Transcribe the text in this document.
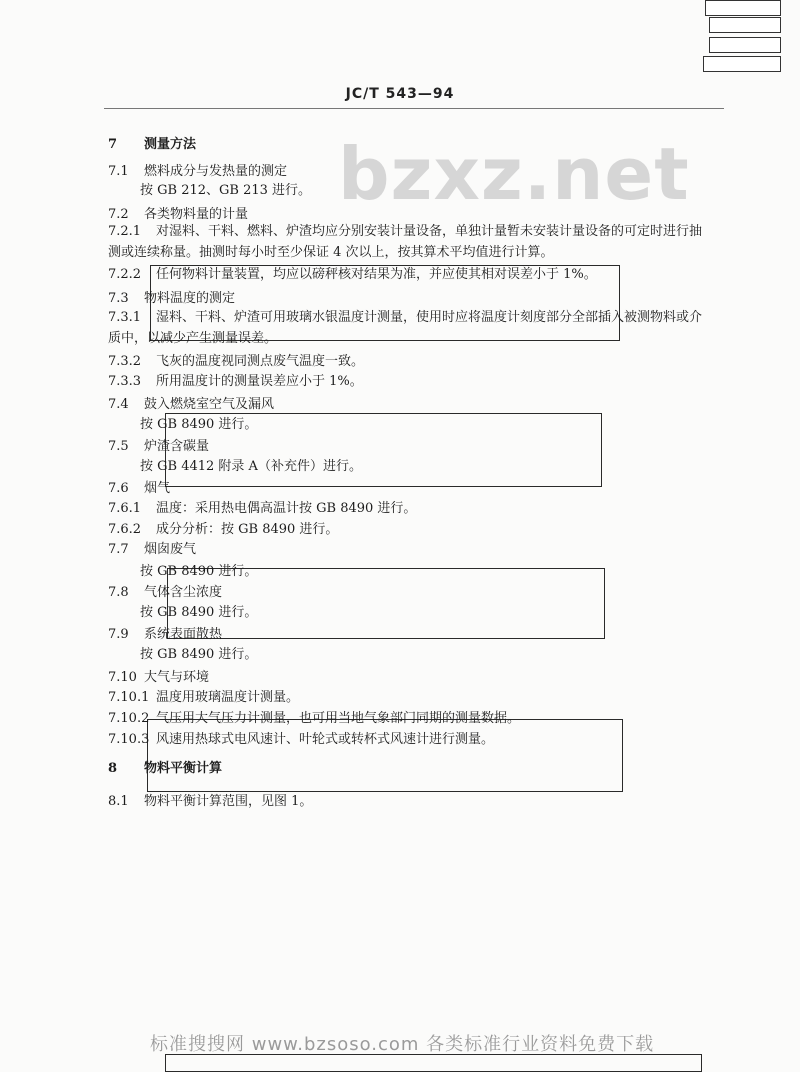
JC/T 543—94
bzxz.net
7 测量方法
7.1 燃料成分与发热量的测定
按 GB 212、GB 213 进行。
7.2 各类物料量的计量
7.2.1 对湿料、干料、燃料、炉渣均应分别安装计量设备，单独计量暂未安装计量设备的可定时进行抽
测或连续称量。抽测时每小时至少保证 4 次以上，按其算术平均值进行计算。
7.2.2 任何物料计量装置，均应以磅秤核对结果为准，并应使其相对误差小于 1%。
7.3 物料温度的测定
7.3.1 湿料、干料、炉渣可用玻璃水银温度计测量，使用时应将温度计刻度部分全部插入被测物料或介
质中，以减少产生测量误差。
7.3.2 飞灰的温度视同测点废气温度一致。
7.3.3 所用温度计的测量误差应小于 1%。
7.4 鼓入燃烧室空气及漏风
按 GB 8490 进行。
7.5 炉渣含碳量
按 GB 4412 附录 A（补充件）进行。
7.6 烟气
7.6.1 温度：采用热电偶高温计按 GB 8490 进行。
7.6.2 成分分析：按 GB 8490 进行。
7.7 烟囱废气
按 GB 8490 进行。
7.8 气体含尘浓度
按 GB 8490 进行。
7.9 系统表面散热
按 GB 8490 进行。
7.10 大气与环境
7.10.1 温度用玻璃温度计测量。
7.10.2 气压用大气压力计测量，也可用当地气象部门同期的测量数据。
7.10.3 风速用热球式电风速计、叶轮式或转杯式风速计进行测量。
8 物料平衡计算
8.1 物料平衡计算范围，见图 1。
标准搜搜网 www.bzsoso.com 各类标准行业资料免费下载
